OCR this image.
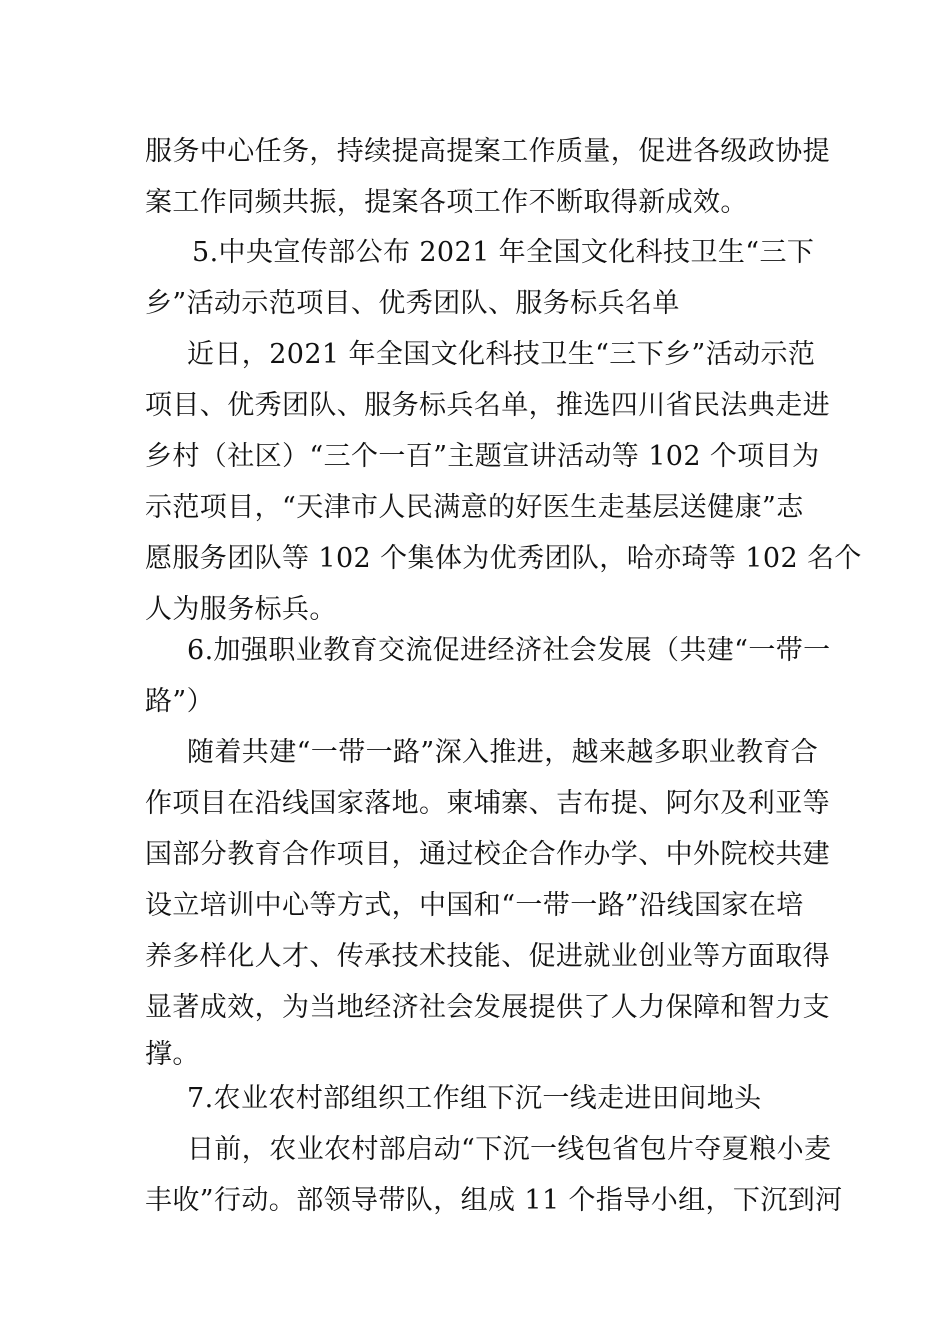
服务中心任务，持续提高提案工作质量，促进各级政协提
案工作同频共振，提案各项工作不断取得新成效。
5.中央宣传部公布 2021 年全国文化科技卫生“三下
乡”活动示范项目、优秀团队、服务标兵名单
近日，2021 年全国文化科技卫生“三下乡”活动示范
项目、优秀团队、服务标兵名单，推选四川省民法典走进
乡村（社区）“三个一百”主题宣讲活动等 102 个项目为
示范项目，“天津市人民满意的好医生走基层送健康”志
愿服务团队等 102 个集体为优秀团队，哈亦琦等 102 名个
人为服务标兵。
6.加强职业教育交流促进经济社会发展（共建“一带一
路”）
随着共建“一带一路”深入推进，越来越多职业教育合
作项目在沿线国家落地。柬埔寨、吉布提、阿尔及利亚等
国部分教育合作项目，通过校企合作办学、中外院校共建
设立培训中心等方式，中国和“一带一路”沿线国家在培
养多样化人才、传承技术技能、促进就业创业等方面取得
显著成效，为当地经济社会发展提供了人力保障和智力支
撑。
7.农业农村部组织工作组下沉一线走进田间地头
日前，农业农村部启动“下沉一线包省包片夺夏粮小麦
丰收”行动。部领导带队，组成 11 个指导小组，下沉到河
